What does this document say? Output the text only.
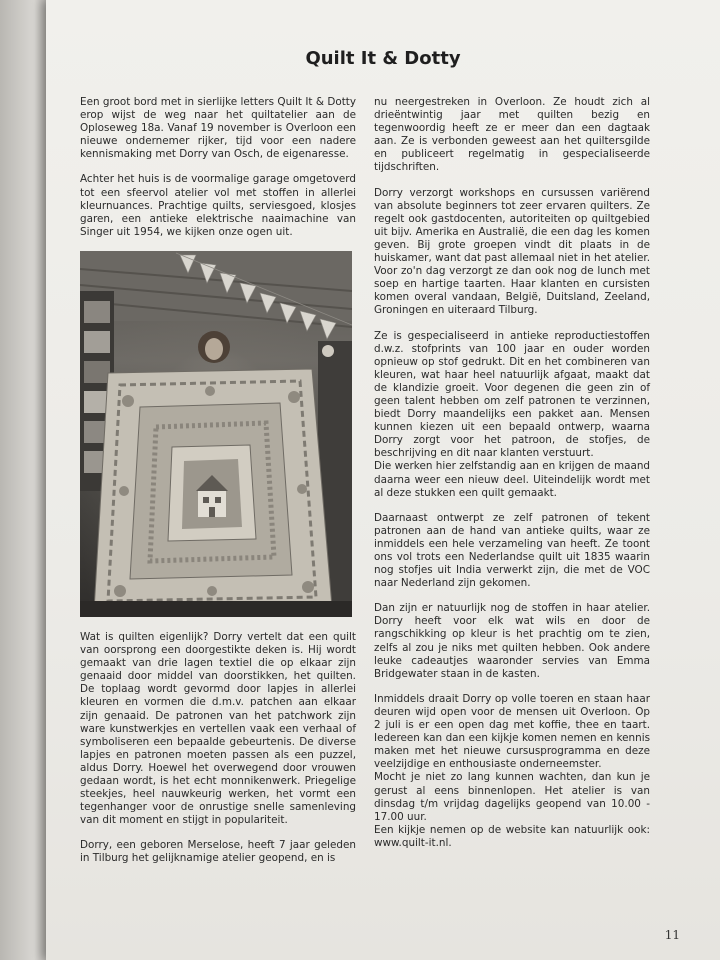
Quilt It & Dotty

Een groot bord met in sierlijke letters Quilt It & Dotty erop wijst de weg naar het quiltatelier aan de Oploseweg 18a. Vanaf 19 november is Overloon een nieuwe ondernemer rijker, tijd voor een nadere kennismaking met Dorry van Osch, de eigenaresse.

Achter het huis is de voormalige garage omgetoverd tot een sfeervol atelier vol met stoffen in allerlei kleurnuances. Prachtige quilts, serviesgoed, klosjes garen, een antieke elektrische naaimachine van Singer uit 1954, we kijken onze ogen uit.

Wat is quilten eigenlijk? Dorry vertelt dat een quilt van oorsprong een doorgestikte deken is. Hij wordt gemaakt van drie lagen textiel die op elkaar zijn genaaid door middel van doorstikken, het quilten. De toplaag wordt gevormd door lapjes in allerlei kleuren en vormen die d.m.v. patchen aan elkaar zijn genaaid. De patronen van het patchwork zijn ware kunstwerkjes en vertellen vaak een verhaal of symboliseren een bepaalde gebeurtenis. De diverse lapjes en patronen moeten passen als een puzzel, aldus Dorry. Hoewel het overwegend door vrouwen gedaan wordt, is het echt monnikenwerk. Priegelige steekjes, heel nauwkeurig werken, het vormt een tegenhanger voor de onrustige snelle samenleving van dit moment en stijgt in populariteit.

Dorry, een geboren Merselose, heeft 7 jaar geleden in Tilburg het gelijknamige atelier geopend, en is

nu neergestreken in Overloon. Ze houdt zich al drieëntwintig jaar met quilten bezig en tegenwoordig heeft ze er meer dan een dagtaak aan. Ze is verbonden geweest aan het quiltersgilde en publiceert regelmatig in gespecialiseerde tijdschriften.

Dorry verzorgt workshops en cursussen variërend van absolute beginners tot zeer ervaren quilters. Ze regelt ook gastdocenten, autoriteiten op quiltgebied uit bijv. Amerika en Australië, die een dag les komen geven. Bij grote groepen vindt dit plaats in de huiskamer, want dat past allemaal niet in het atelier. Voor zo'n dag verzorgt ze dan ook nog de lunch met soep en hartige taarten. Haar klanten en cursisten komen overal vandaan, België, Duitsland, Zeeland, Groningen en uiteraard Tilburg.

Ze is gespecialiseerd in antieke reproductiestoffen d.w.z. stofprints van 100 jaar en ouder worden opnieuw op stof gedrukt. Dit en het combineren van kleuren, wat haar heel natuurlijk afgaat, maakt dat de klandizie groeit. Voor degenen die geen zin of geen talent hebben om zelf patronen te verzinnen, biedt Dorry maandelijks een pakket aan. Mensen kunnen kiezen uit een bepaald ontwerp, waarna Dorry zorgt voor het patroon, de stofjes, de beschrijving en dit naar klanten verstuurt.

Die werken hier zelfstandig aan en krijgen de maand daarna weer een nieuw deel. Uiteindelijk wordt met al deze stukken een quilt gemaakt.

Daarnaast ontwerpt ze zelf patronen of tekent patronen aan de hand van antieke quilts, waar ze inmiddels een hele verzameling van heeft. Ze toont ons vol trots een Nederlandse quilt uit 1835 waarin nog stofjes uit India verwerkt zijn, die met de VOC naar Nederland zijn gekomen.

Dan zijn er natuurlijk nog de stoffen in haar atelier. Dorry heeft voor elk wat wils en door de rangschikking op kleur is het prachtig om te zien, zelfs al zou je niks met quilten hebben. Ook andere leuke cadeautjes waaronder servies van Emma Bridgewater staan in de kasten.

Inmiddels draait Dorry op volle toeren en staan haar deuren wijd open voor de mensen uit Overloon. Op 2 juli is er een open dag met koffie, thee en taart. Iedereen kan dan een kijkje komen nemen en kennis maken met het nieuwe cursusprogramma en deze veelzijdige en enthousiaste onderneemster.

Mocht je niet zo lang kunnen wachten, dan kun je gerust al eens binnenlopen. Het atelier is van dinsdag t/m vrijdag dagelijks geopend van 10.00 - 17.00 uur.

Een kijkje nemen op de website kan natuurlijk ook: www.quilt-it.nl.

11
